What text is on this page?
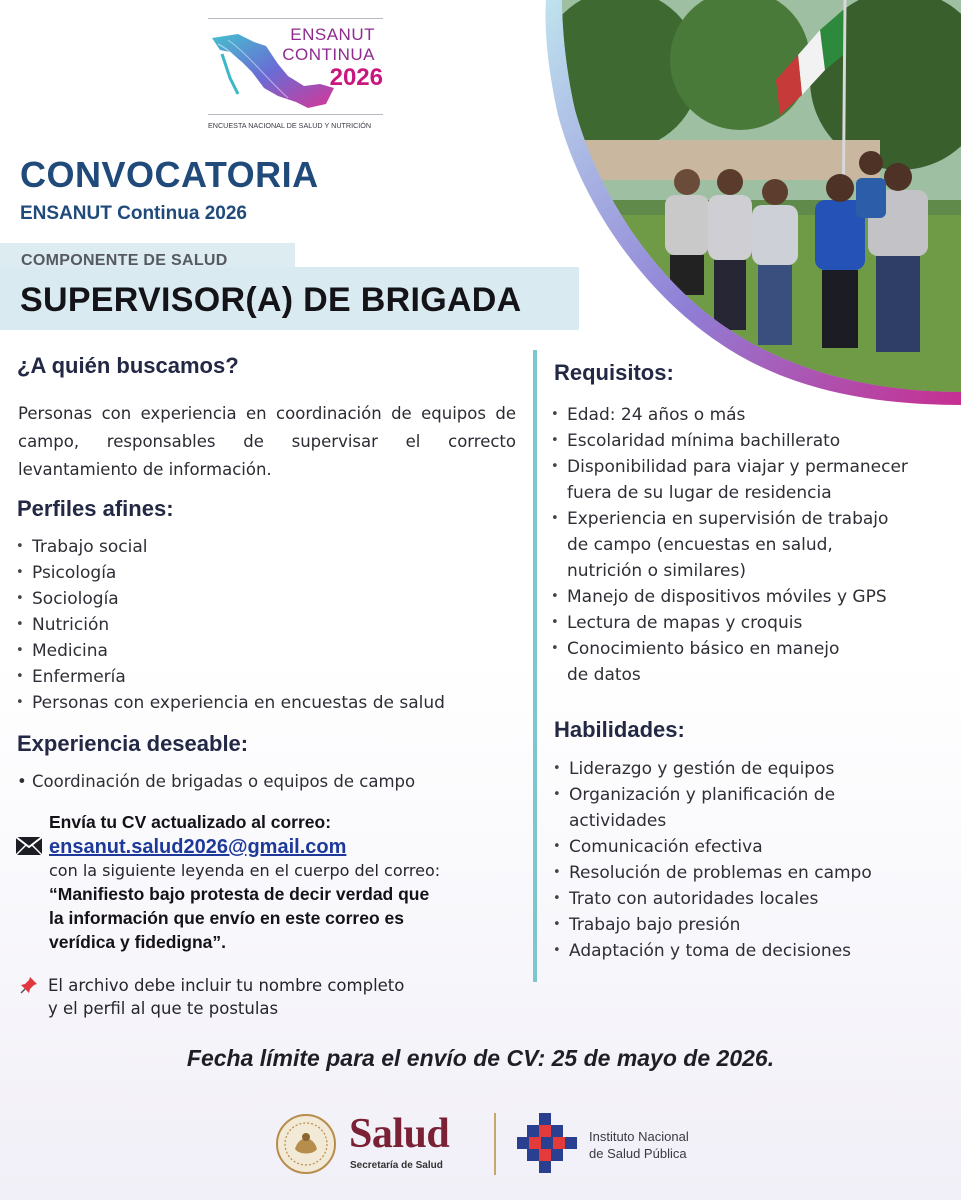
ENSANUT
CONTINUA
2026
ENCUESTA NACIONAL DE SALUD Y NUTRICIÓN
CONVOCATORIA
ENSANUT Continua 2026
COMPONENTE DE SALUD
SUPERVISOR(A) DE BRIGADA
¿A quién buscamos?
Personas con experiencia en coordinación de equipos de campo, responsables de supervisar el correcto levantamiento de información.
Perfiles afines:
• Trabajo social
• Psicología
• Sociología
• Nutrición
• Medicina
• Enfermería
• Personas con experiencia en encuestas de salud
Experiencia deseable:
• Coordinación de brigadas o equipos de campo
Envía tu CV actualizado al correo:
ensanut.salud2026@gmail.com
con la siguiente leyenda en el cuerpo del correo:
“Manifiesto bajo protesta de decir verdad que
la información que envío en este correo es
verídica y fidedigna”.
El archivo debe incluir tu nombre completo
y el perfil al que te postulas
Requisitos:
• Edad: 24 años o más
• Escolaridad mínima bachillerato
• Disponibilidad para viajar y permanecer
fuera de su lugar de residencia
• Experiencia en supervisión de trabajo
de campo (encuestas en salud,
nutrición o similares)
• Manejo de dispositivos móviles y GPS
• Lectura de mapas y croquis
• Conocimiento básico en manejo
de datos
Habilidades:
• Liderazgo y gestión de equipos
• Organización y planificación de
actividades
• Comunicación efectiva
• Resolución de problemas en campo
• Trato con autoridades locales
• Trabajo bajo presión
• Adaptación y toma de decisiones
Fecha límite para el envío de CV: 25 de mayo de 2026.
Salud
Secretaría de Salud
Instituto Nacional
de Salud Pública
